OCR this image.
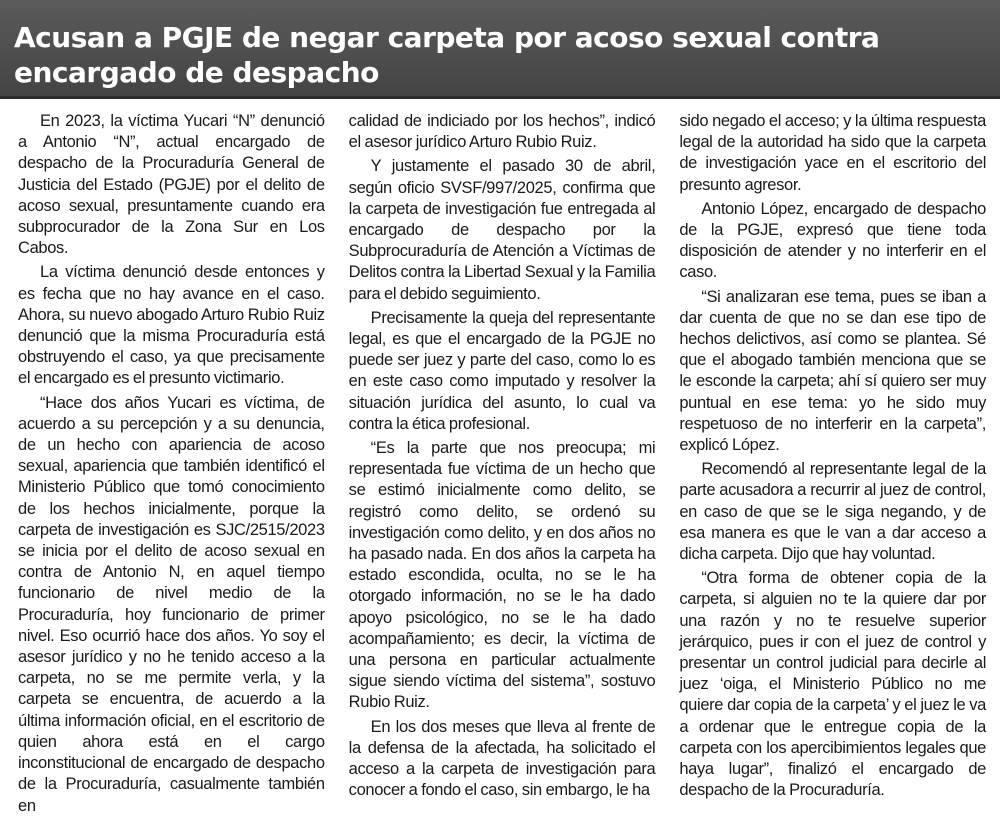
Acusan a PGJE de negar carpeta por acoso sexual contra encargado de despacho

En 2023, la víctima Yucari “N” denunció a Antonio “N”, actual encargado de despacho de la Procuraduría General de Justicia del Estado (PGJE) por el delito de acoso sexual, presuntamente cuando era subprocurador de la Zona Sur en Los Cabos.

La víctima denunció desde entonces y es fecha que no hay avance en el caso. Ahora, su nuevo abogado Arturo Rubio Ruiz denunció que la misma Procuraduría está obstruyendo el caso, ya que precisamente el encargado es el presunto victimario.

“Hace dos años Yucari es víctima, de acuerdo a su percepción y a su denuncia, de un hecho con apariencia de acoso sexual, apariencia que también identificó el Ministerio Público que tomó conocimiento de los hechos inicialmente, porque la carpeta de investigación es SJC/2515/2023 se inicia por el delito de acoso sexual en contra de Antonio N, en aquel tiempo funcionario de nivel medio de la Procuraduría, hoy funcionario de primer nivel. Eso ocurrió hace dos años. Yo soy el asesor jurídico y no he tenido acceso a la carpeta, no se me permite verla, y la carpeta se encuentra, de acuerdo a la última información oficial, en el escritorio de quien ahora está en el cargo inconstitucional de encargado de despacho de la Procuraduría, casualmente también en

calidad de indiciado por los hechos”, indicó el asesor jurídico Arturo Rubio Ruiz.

Y justamente el pasado 30 de abril, según oficio SVSF/997/2025, confirma que la carpeta de investigación fue entregada al encargado de despacho por la Subprocuraduría de Atención a Víctimas de Delitos contra la Libertad Sexual y la Familia para el debido seguimiento.

Precisamente la queja del representante legal, es que el encargado de la PGJE no puede ser juez y parte del caso, como lo es en este caso como imputado y resolver la situación jurídica del asunto, lo cual va contra la ética profesional.

“Es la parte que nos preocupa; mi representada fue víctima de un hecho que se estimó inicialmente como delito, se registró como delito, se ordenó su investigación como delito, y en dos años no ha pasado nada. En dos años la carpeta ha estado escondida, oculta, no se le ha otorgado información, no se le ha dado apoyo psicológico, no se le ha dado acompañamiento; es decir, la víctima de una persona en particular actualmente sigue siendo víctima del sistema”, sostuvo Rubio Ruiz.

En los dos meses que lleva al frente de la defensa de la afectada, ha solicitado el acceso a la carpeta de investigación para conocer a fondo el caso, sin embargo, le ha

sido negado el acceso; y la última respuesta legal de la autoridad ha sido que la carpeta de investigación yace en el escritorio del presunto agresor.

Antonio López, encargado de despacho de la PGJE, expresó que tiene toda disposición de atender y no interferir en el caso.

“Si analizaran ese tema, pues se iban a dar cuenta de que no se dan ese tipo de hechos delictivos, así como se plantea. Sé que el abogado también menciona que se le esconde la carpeta; ahí sí quiero ser muy puntual en ese tema: yo he sido muy respetuoso de no interferir en la carpeta”, explicó López.

Recomendó al representante legal de la parte acusadora a recurrir al juez de control, en caso de que se le siga negando, y de esa manera es que le van a dar acceso a dicha carpeta. Dijo que hay voluntad.

“Otra forma de obtener copia de la carpeta, si alguien no te la quiere dar por una razón y no te resuelve superior jerárquico, pues ir con el juez de control y presentar un control judicial para decirle al juez ‘oiga, el Ministerio Público no me quiere dar copia de la carpeta’ y el juez le va a ordenar que le entregue copia de la carpeta con los apercibimientos legales que haya lugar”, finalizó el encargado de despacho de la Procuraduría.
